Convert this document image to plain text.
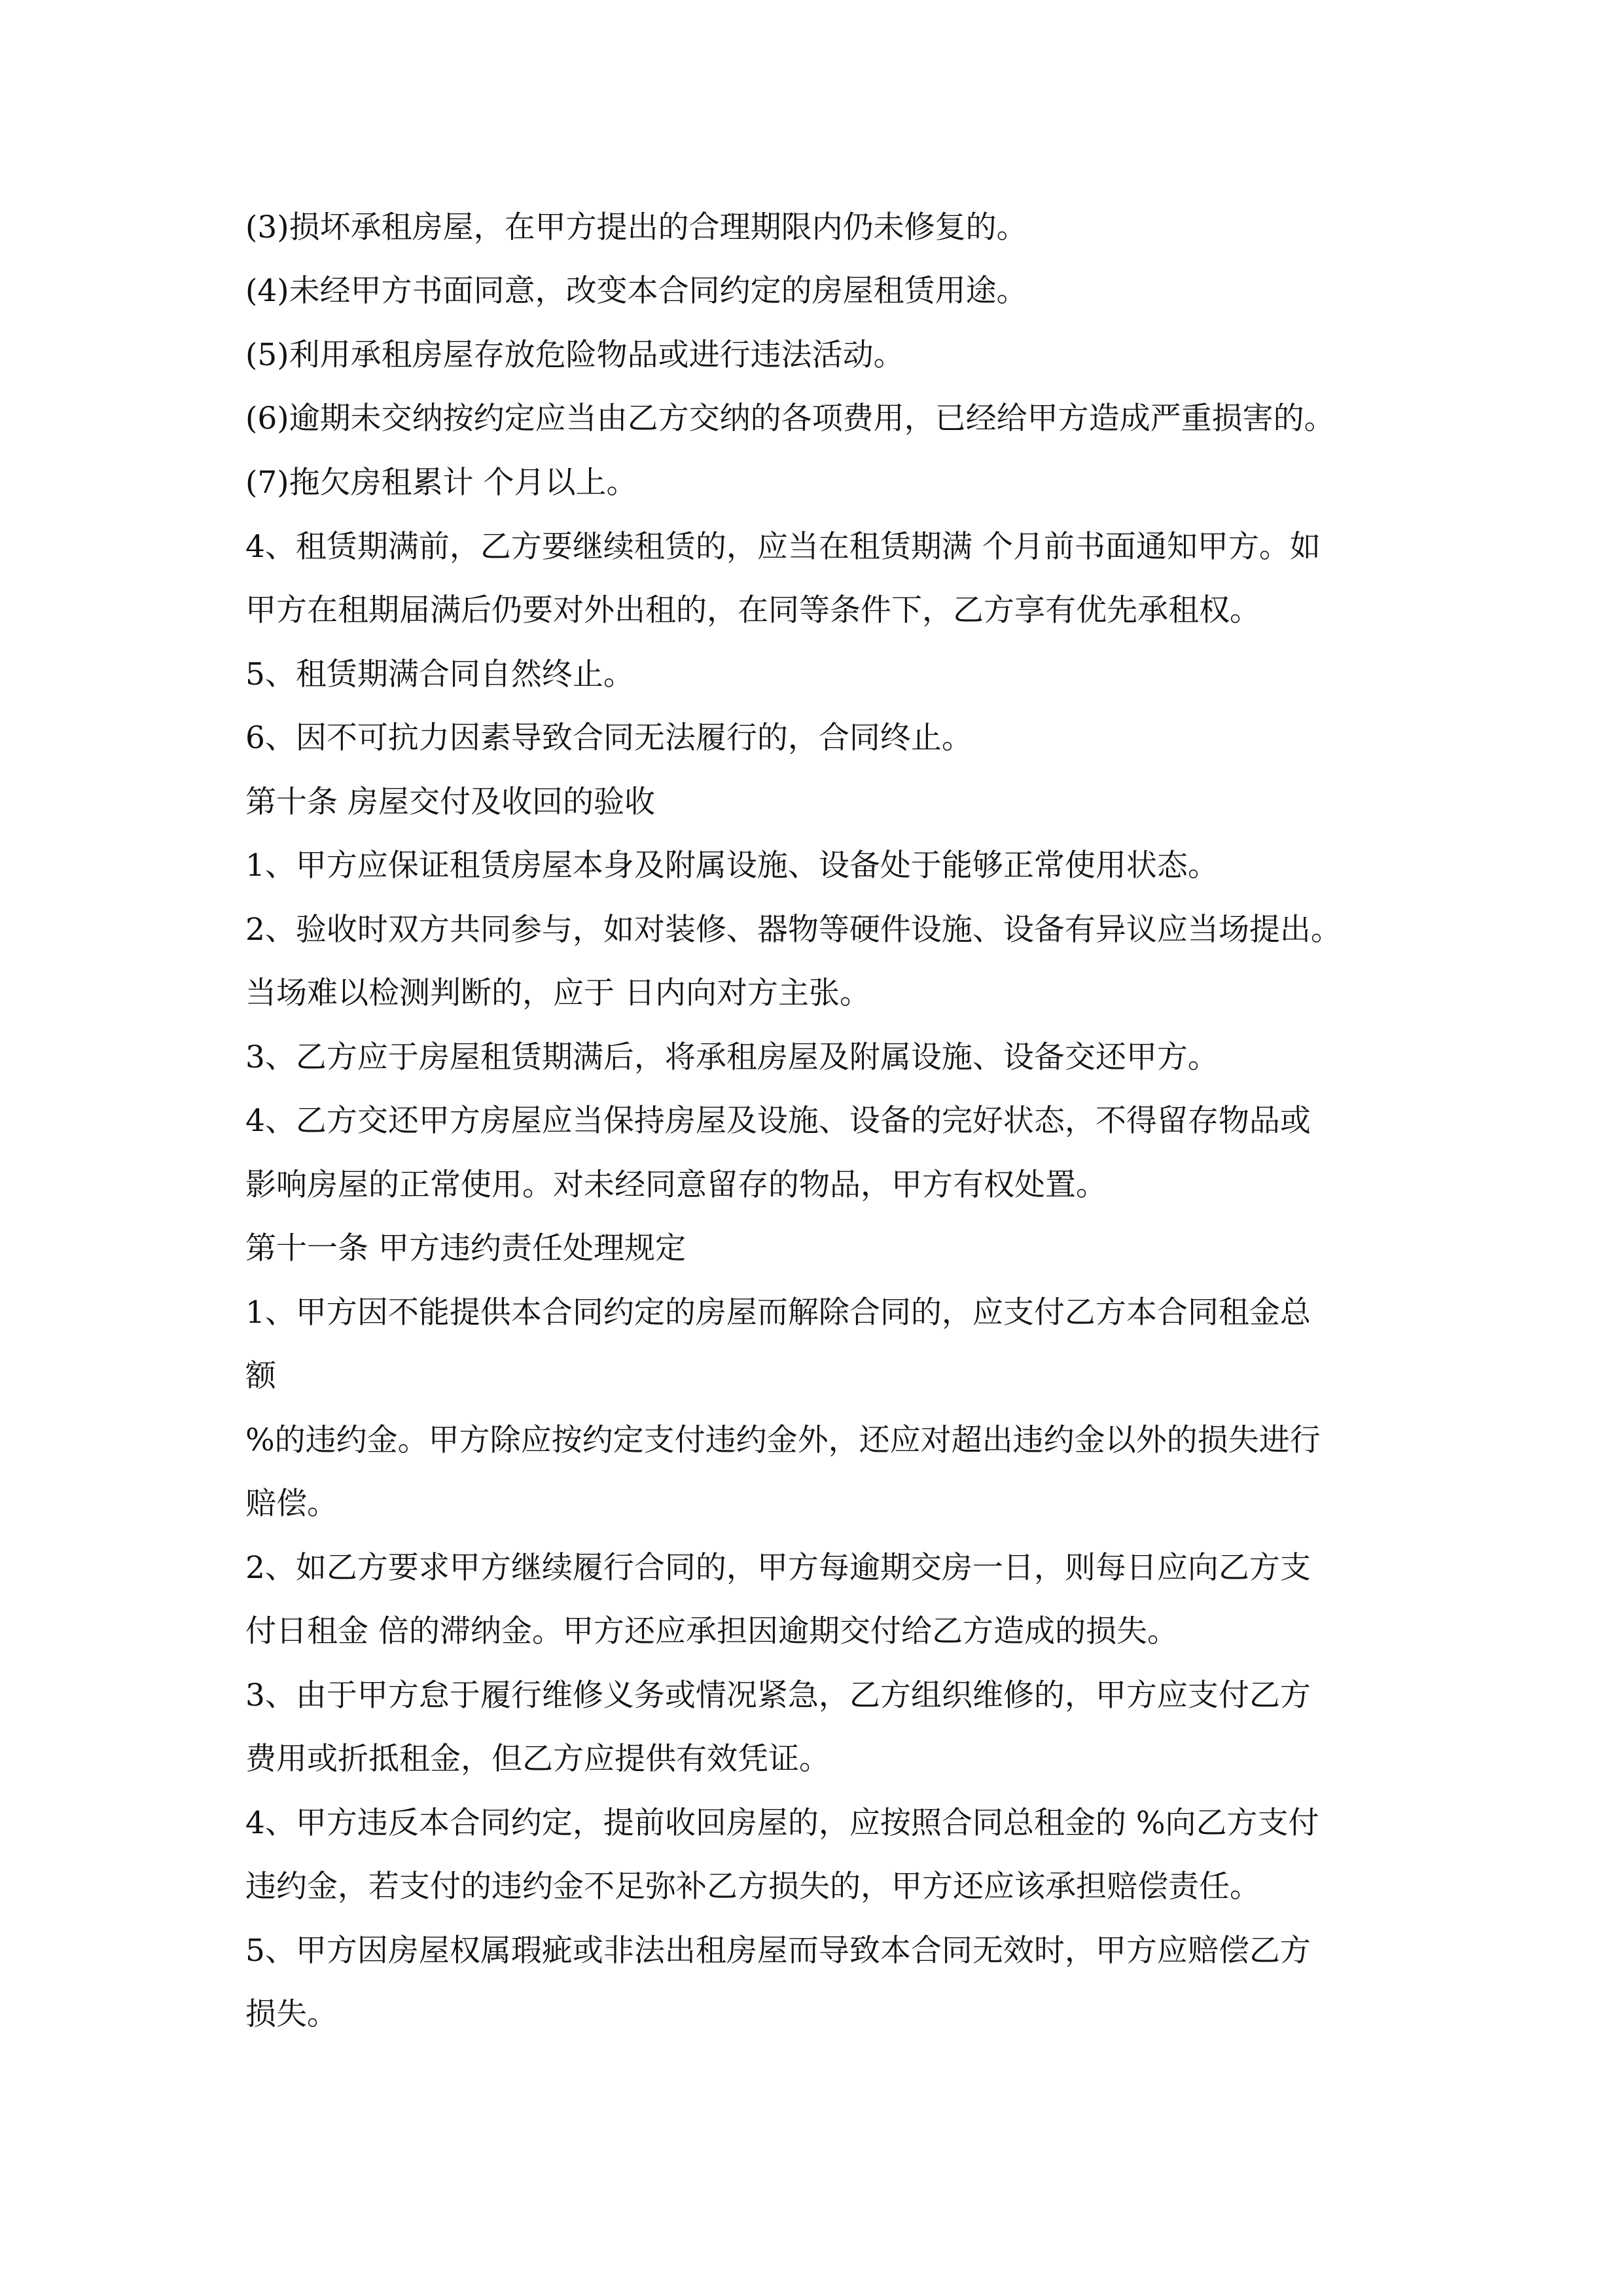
(3)损坏承租房屋，在甲方提出的合理期限内仍未修复的。
(4)未经甲方书面同意，改变本合同约定的房屋租赁用途。
(5)利用承租房屋存放危险物品或进行违法活动。
(6)逾期未交纳按约定应当由乙方交纳的各项费用，已经给甲方造成严重损害的。
(7)拖欠房租累计 个月以上。
4、租赁期满前，乙方要继续租赁的，应当在租赁期满 个月前书面通知甲方。如
甲方在租期届满后仍要对外出租的，在同等条件下，乙方享有优先承租权。
5、租赁期满合同自然终止。
6、因不可抗力因素导致合同无法履行的，合同终止。
第十条 房屋交付及收回的验收
1、甲方应保证租赁房屋本身及附属设施、设备处于能够正常使用状态。
2、验收时双方共同参与，如对装修、器物等硬件设施、设备有异议应当场提出。
当场难以检测判断的，应于 日内向对方主张。
3、乙方应于房屋租赁期满后，将承租房屋及附属设施、设备交还甲方。
4、乙方交还甲方房屋应当保持房屋及设施、设备的完好状态，不得留存物品或
影响房屋的正常使用。对未经同意留存的物品，甲方有权处置。
第十一条 甲方违约责任处理规定
1、甲方因不能提供本合同约定的房屋而解除合同的，应支付乙方本合同租金总
额
%的违约金。甲方除应按约定支付违约金外，还应对超出违约金以外的损失进行
赔偿。
2、如乙方要求甲方继续履行合同的，甲方每逾期交房一日，则每日应向乙方支
付日租金 倍的滞纳金。甲方还应承担因逾期交付给乙方造成的损失。
3、由于甲方怠于履行维修义务或情况紧急，乙方组织维修的，甲方应支付乙方
费用或折抵租金，但乙方应提供有效凭证。
4、甲方违反本合同约定，提前收回房屋的，应按照合同总租金的 %向乙方支付
违约金，若支付的违约金不足弥补乙方损失的，甲方还应该承担赔偿责任。
5、甲方因房屋权属瑕疵或非法出租房屋而导致本合同无效时，甲方应赔偿乙方
损失。
